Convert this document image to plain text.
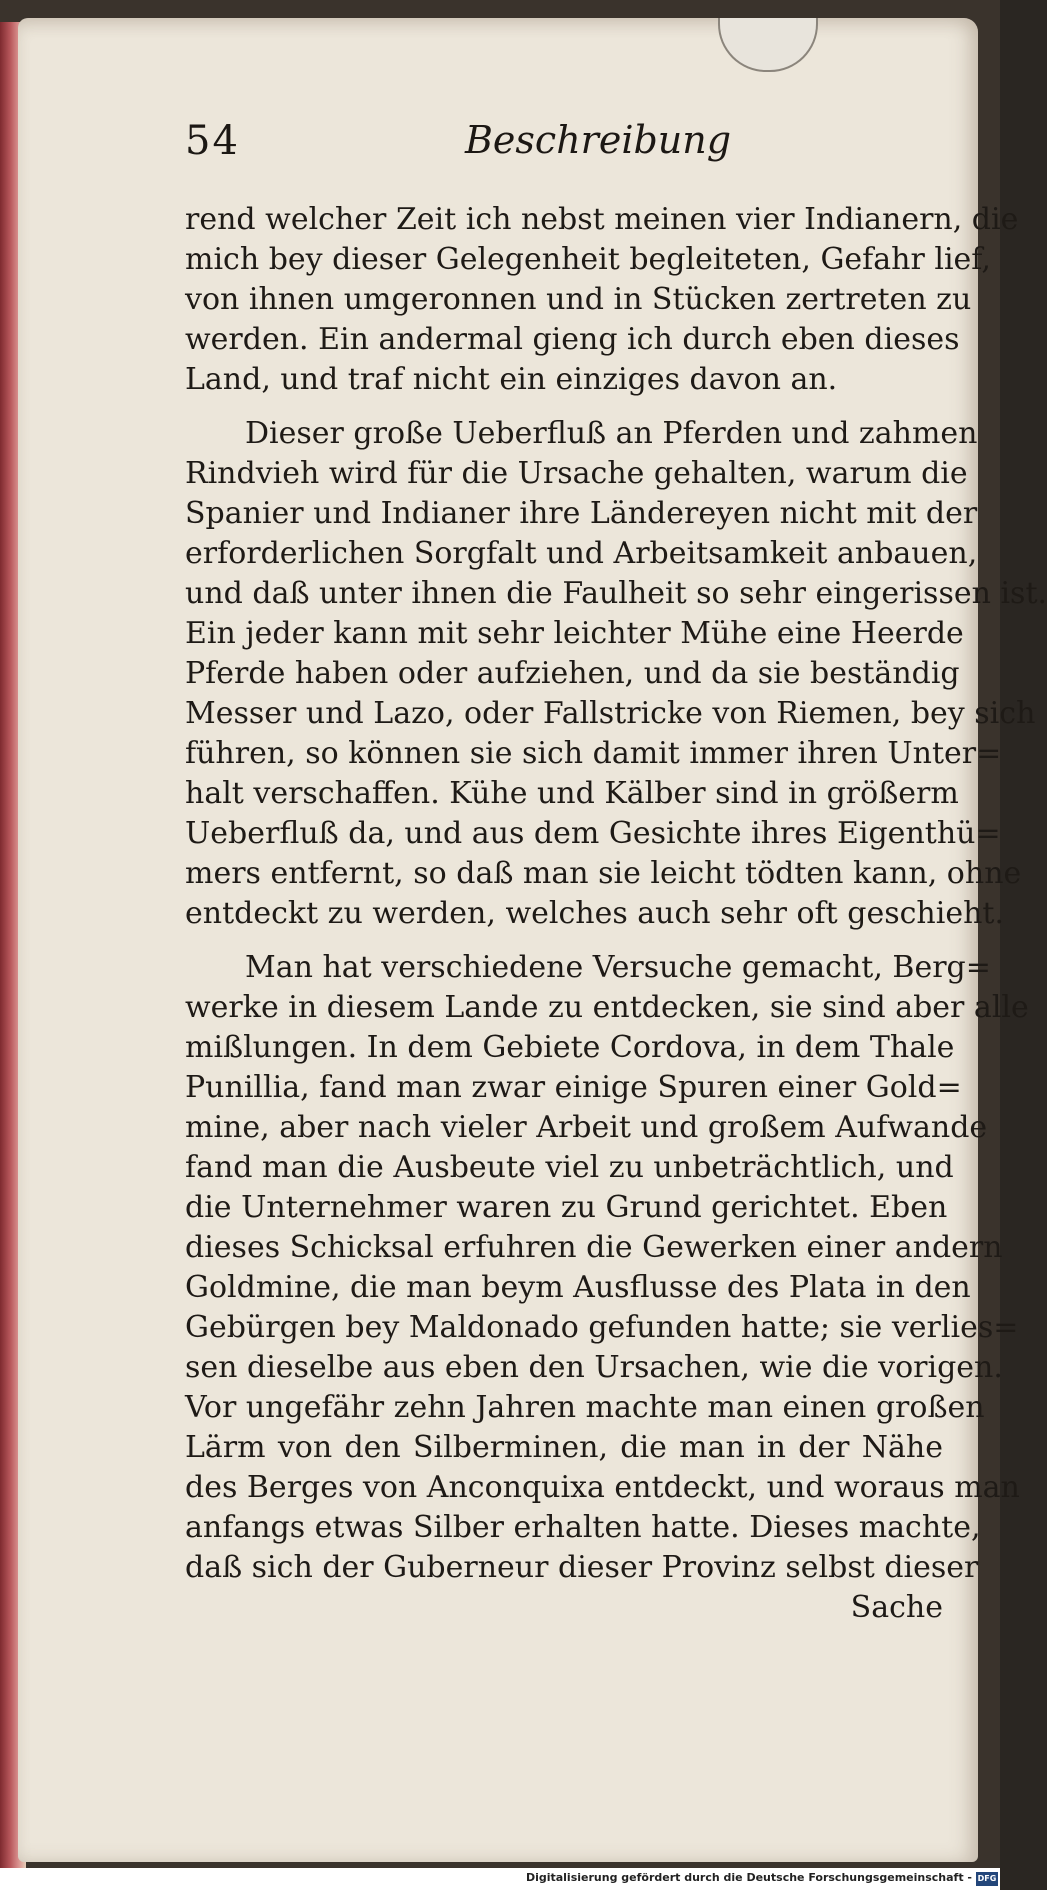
54	Beschreibung
rend welcher Zeit ich nebst meinen vier Indianern, die
mich bey dieser Gelegenheit begleiteten, Gefahr lief,
von ihnen umgeronnen und in Stücken zertreten zu
werden. Ein andermal gieng ich durch eben dieses
Land, und traf nicht ein einziges davon an.
Dieser große Ueberfluß an Pferden und zahmen
Rindvieh wird für die Ursache gehalten, warum die
Spanier und Indianer ihre Ländereyen nicht mit der
erforderlichen Sorgfalt und Arbeitsamkeit anbauen,
und daß unter ihnen die Faulheit so sehr eingerissen ist.
Ein jeder kann mit sehr leichter Mühe eine Heerde
Pferde haben oder aufziehen, und da sie beständig
Messer und Lazo, oder Fallstricke von Riemen, bey sich
führen, so können sie sich damit immer ihren Unter=
halt verschaffen. Kühe und Kälber sind in größerm
Ueberfluß da, und aus dem Gesichte ihres Eigenthü=
mers entfernt, so daß man sie leicht tödten kann, ohne
entdeckt zu werden, welches auch sehr oft geschieht.
Man hat verschiedene Versuche gemacht, Berg=
werke in diesem Lande zu entdecken, sie sind aber alle
mißlungen. In dem Gebiete Cordova, in dem Thale
Punillia, fand man zwar einige Spuren einer Gold=
mine, aber nach vieler Arbeit und großem Aufwande
fand man die Ausbeute viel zu unbeträchtlich, und
die Unternehmer waren zu Grund gerichtet. Eben
dieses Schicksal erfuhren die Gewerken einer andern
Goldmine, die man beym Ausflusse des Plata in den
Gebürgen bey Maldonado gefunden hatte; sie verlies=
sen dieselbe aus eben den Ursachen, wie die vorigen.
Vor ungefähr zehn Jahren machte man einen großen
Lärm von den Silberminen, die man in der Nähe
des Berges von Anconquixa entdeckt, und woraus man
anfangs etwas Silber erhalten hatte. Dieses machte,
daß sich der Guberneur dieser Provinz selbst dieser
Sache
Digitalisierung gefördert durch die Deutsche Forschungsgemeinschaft - DFG
